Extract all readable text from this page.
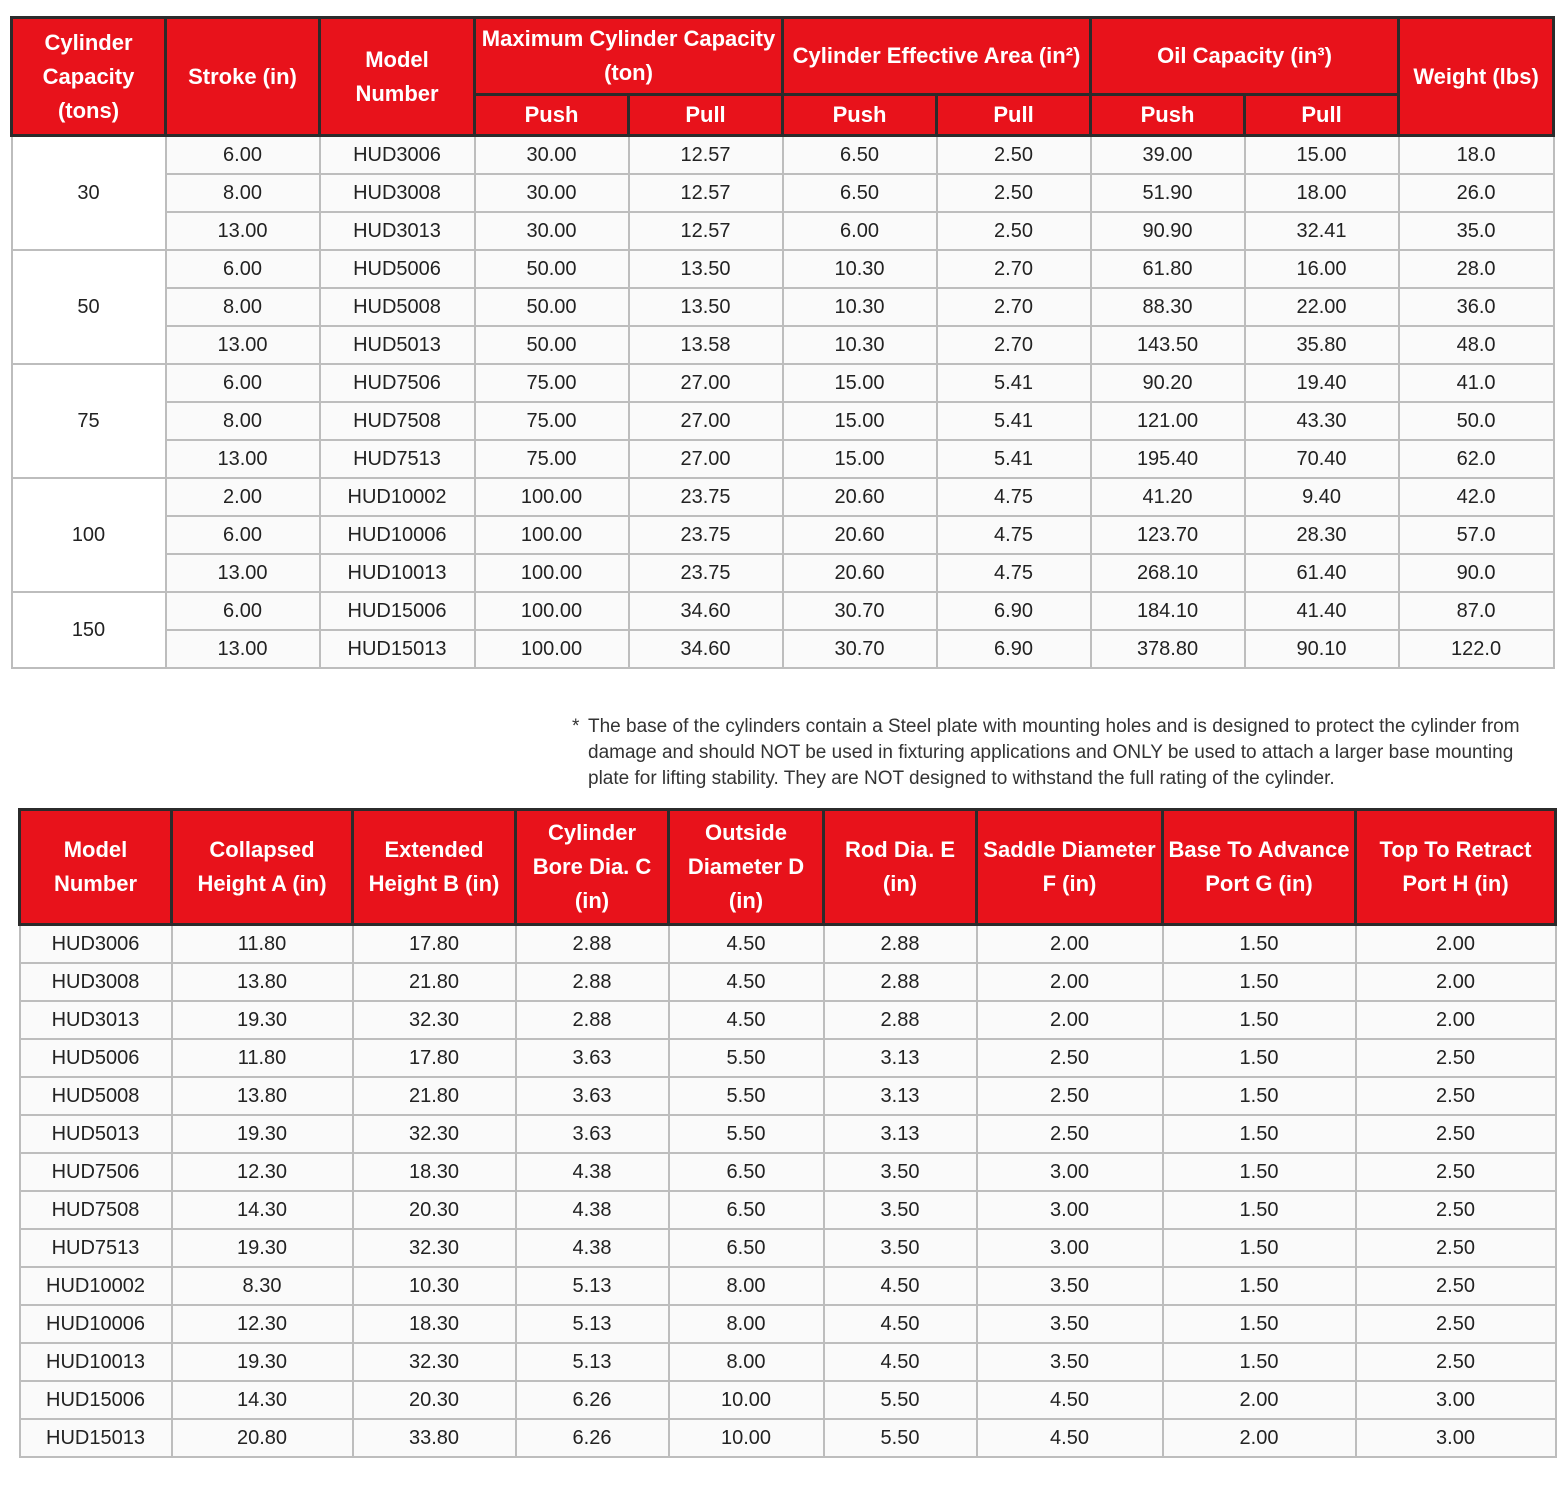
Cylinder Capacity (tons)	Stroke (in)	Model Number	Maximum Cylinder Capacity (ton)		Cylinder Effective Area (in²)		Oil Capacity (in³)		Weight (lbs)
			Push	Pull	Push	Pull	Push	Pull	
30	6.00	HUD3006	30.00	12.57	6.50	2.50	39.00	15.00	18.0
	8.00	HUD3008	30.00	12.57	6.50	2.50	51.90	18.00	26.0
	13.00	HUD3013	30.00	12.57	6.00	2.50	90.90	32.41	35.0
50	6.00	HUD5006	50.00	13.50	10.30	2.70	61.80	16.00	28.0
	8.00	HUD5008	50.00	13.50	10.30	2.70	88.30	22.00	36.0
	13.00	HUD5013	50.00	13.58	10.30	2.70	143.50	35.80	48.0
75	6.00	HUD7506	75.00	27.00	15.00	5.41	90.20	19.40	41.0
	8.00	HUD7508	75.00	27.00	15.00	5.41	121.00	43.30	50.0
	13.00	HUD7513	75.00	27.00	15.00	5.41	195.40	70.40	62.0
100	2.00	HUD10002	100.00	23.75	20.60	4.75	41.20	9.40	42.0
	6.00	HUD10006	100.00	23.75	20.60	4.75	123.70	28.30	57.0
	13.00	HUD10013	100.00	23.75	20.60	4.75	268.10	61.40	90.0
150	6.00	HUD15006	100.00	34.60	30.70	6.90	184.10	41.40	87.0
	13.00	HUD15013	100.00	34.60	30.70	6.90	378.80	90.10	122.0
* The base of the cylinders contain a Steel plate with mounting holes and is designed to protect the cylinder from damage and should NOT be used in fixturing applications and ONLY be used to attach a larger base mounting plate for lifting stability. They are NOT designed to withstand the full rating of the cylinder.
Model Number	Collapsed Height A (in)	Extended Height B (in)	Cylinder Bore Dia. C (in)	Outside Diameter D (in)	Rod Dia. E (in)	Saddle Diameter F (in)	Base To Advance Port G (in)	Top To Retract Port H (in)
HUD3006	11.80	17.80	2.88	4.50	2.88	2.00	1.50	2.00
HUD3008	13.80	21.80	2.88	4.50	2.88	2.00	1.50	2.00
HUD3013	19.30	32.30	2.88	4.50	2.88	2.00	1.50	2.00
HUD5006	11.80	17.80	3.63	5.50	3.13	2.50	1.50	2.50
HUD5008	13.80	21.80	3.63	5.50	3.13	2.50	1.50	2.50
HUD5013	19.30	32.30	3.63	5.50	3.13	2.50	1.50	2.50
HUD7506	12.30	18.30	4.38	6.50	3.50	3.00	1.50	2.50
HUD7508	14.30	20.30	4.38	6.50	3.50	3.00	1.50	2.50
HUD7513	19.30	32.30	4.38	6.50	3.50	3.00	1.50	2.50
HUD10002	8.30	10.30	5.13	8.00	4.50	3.50	1.50	2.50
HUD10006	12.30	18.30	5.13	8.00	4.50	3.50	1.50	2.50
HUD10013	19.30	32.30	5.13	8.00	4.50	3.50	1.50	2.50
HUD15006	14.30	20.30	6.26	10.00	5.50	4.50	2.00	3.00
HUD15013	20.80	33.80	6.26	10.00	5.50	4.50	2.00	3.00
